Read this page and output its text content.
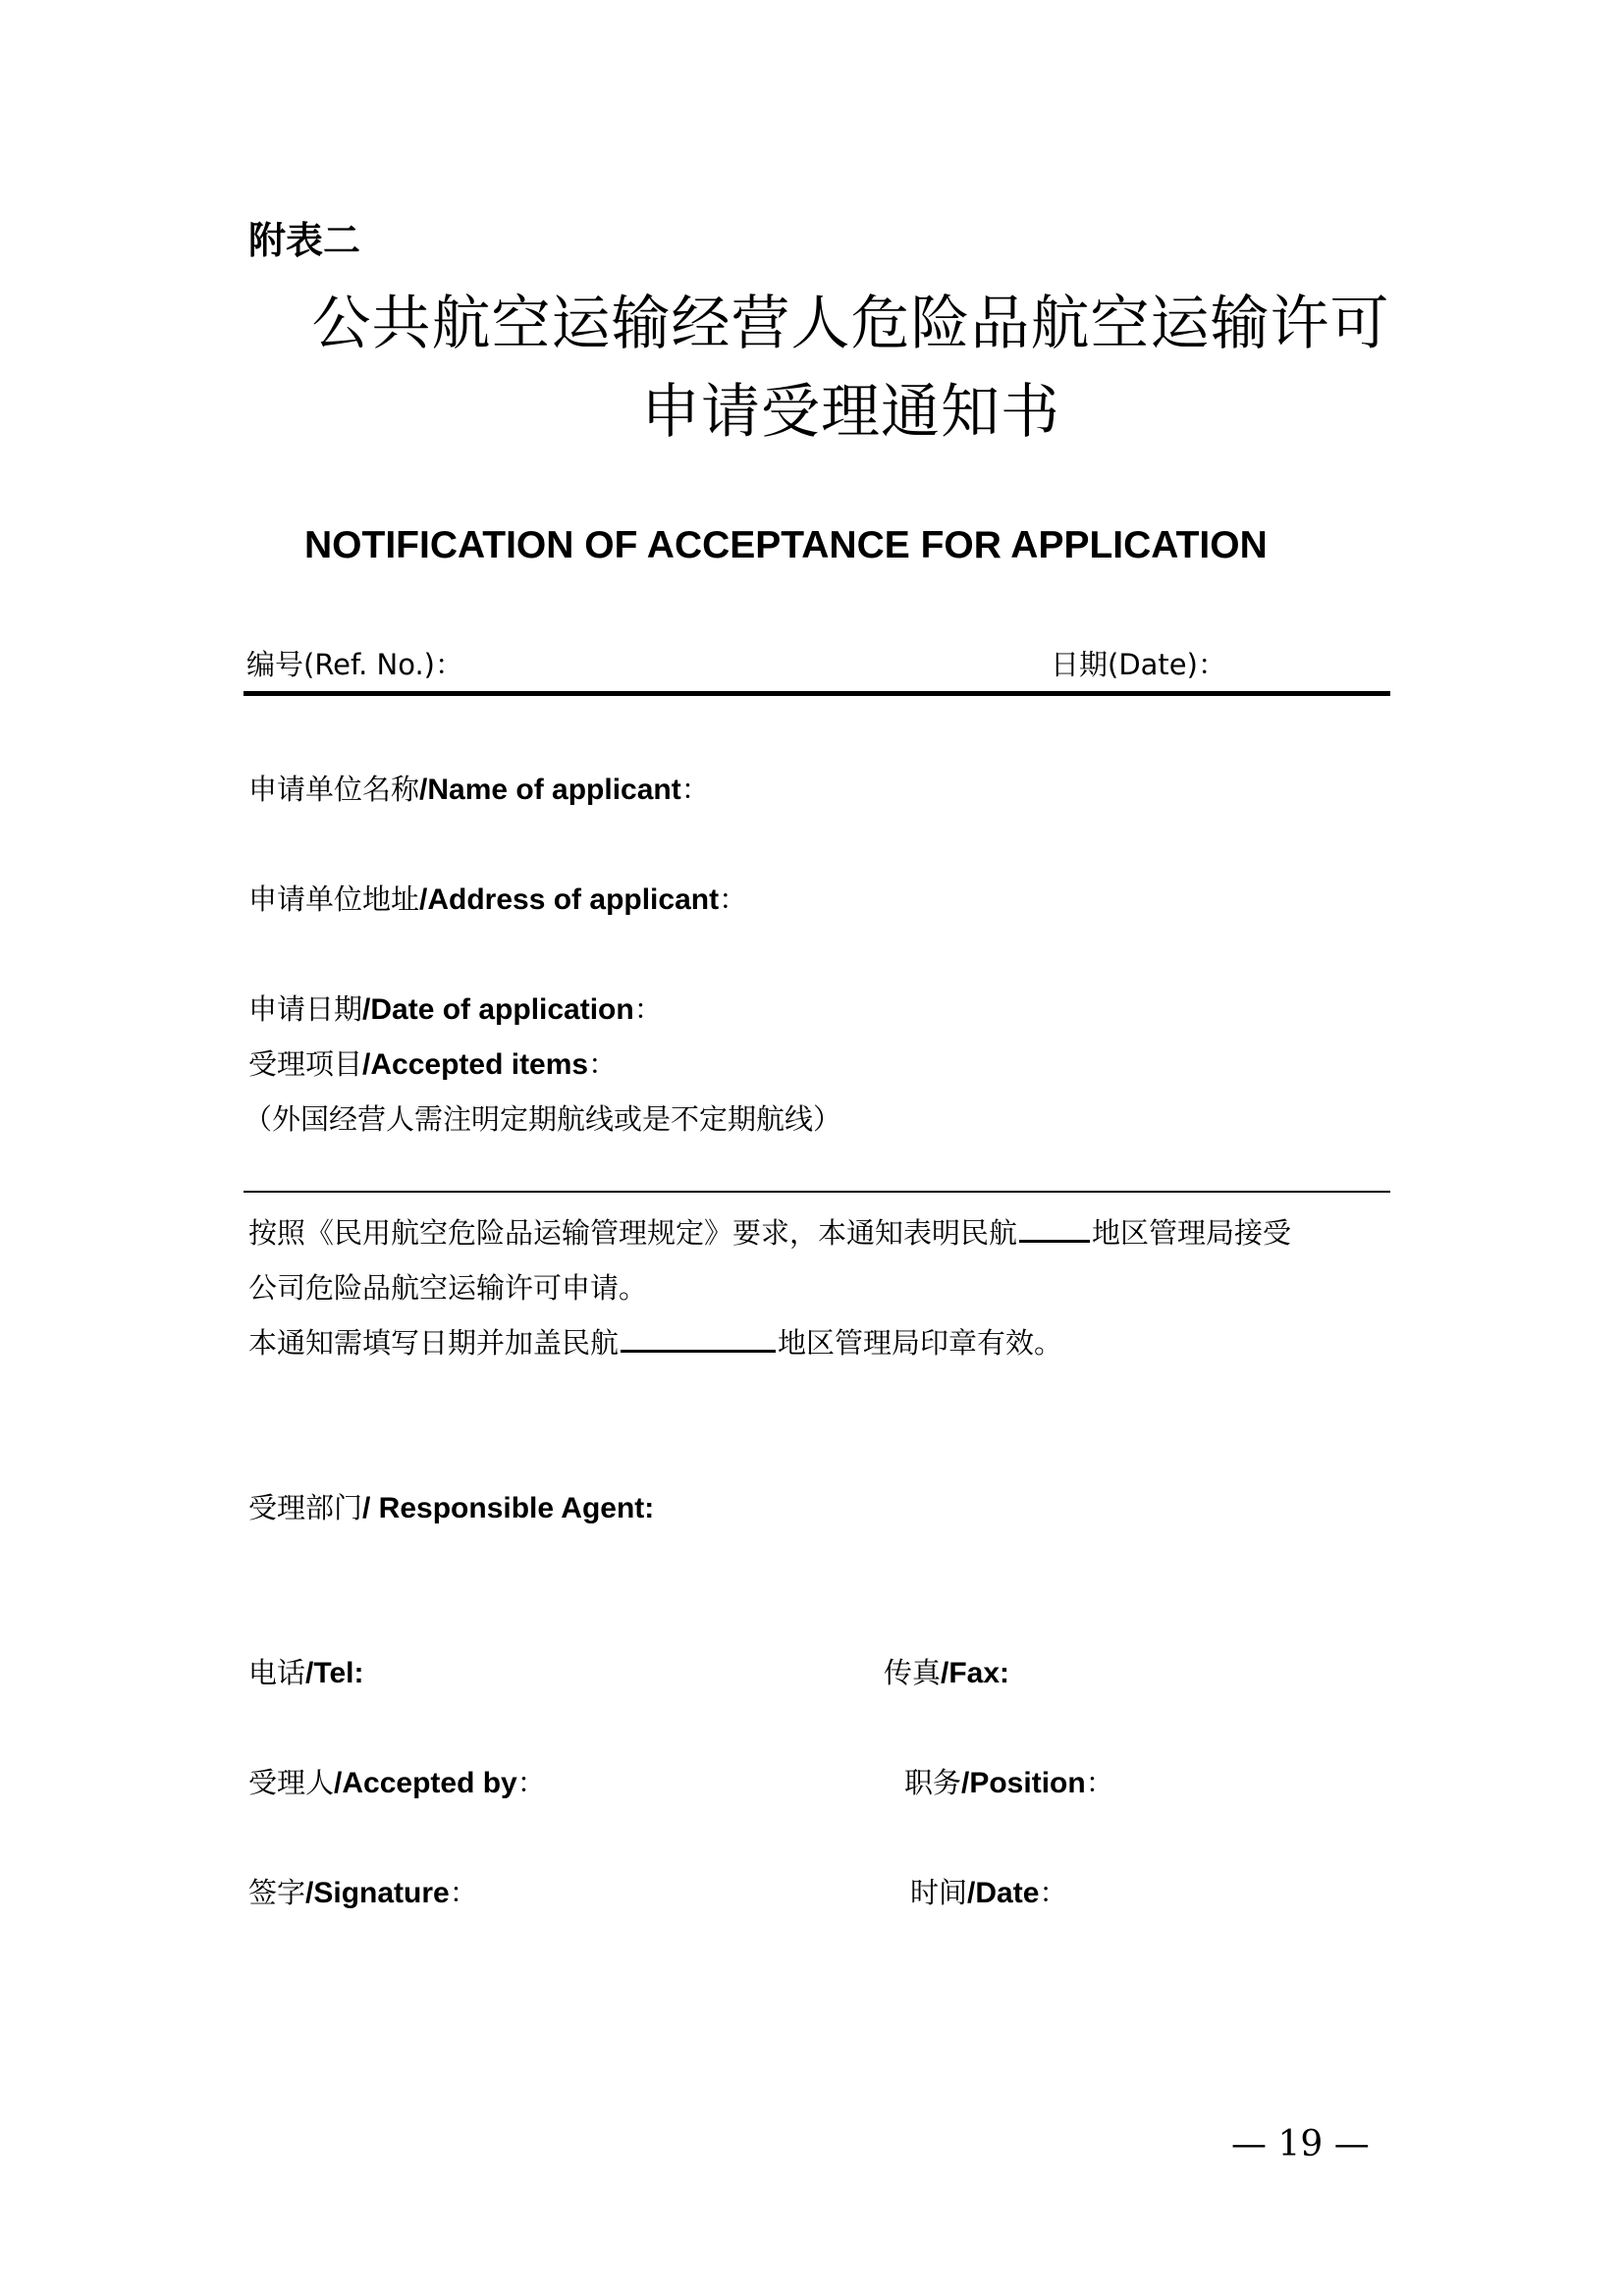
附表二
公共航空运输经营人危险品航空运输许可
申请受理通知书
NOTIFICATION OF ACCEPTANCE FOR APPLICATION
编号(Ref. No.)：	日期(Date)：
申请单位名称/Name of applicant：
申请单位地址/Address of applicant：
申请日期/Date of application：
受理项目/Accepted items：
（外国经营人需注明定期航线或是不定期航线）
按照《民用航空危险品运输管理规定》要求，本通知表明民航	地区管理局接受
公司危险品航空运输许可申请。
本通知需填写日期并加盖民航	地区管理局印章有效。
受理部门/ Responsible Agent:
电话/Tel:	传真/Fax:
受理人/Accepted by：	职务/Position：
签字/Signature：	时间/Date：
— 19 —
